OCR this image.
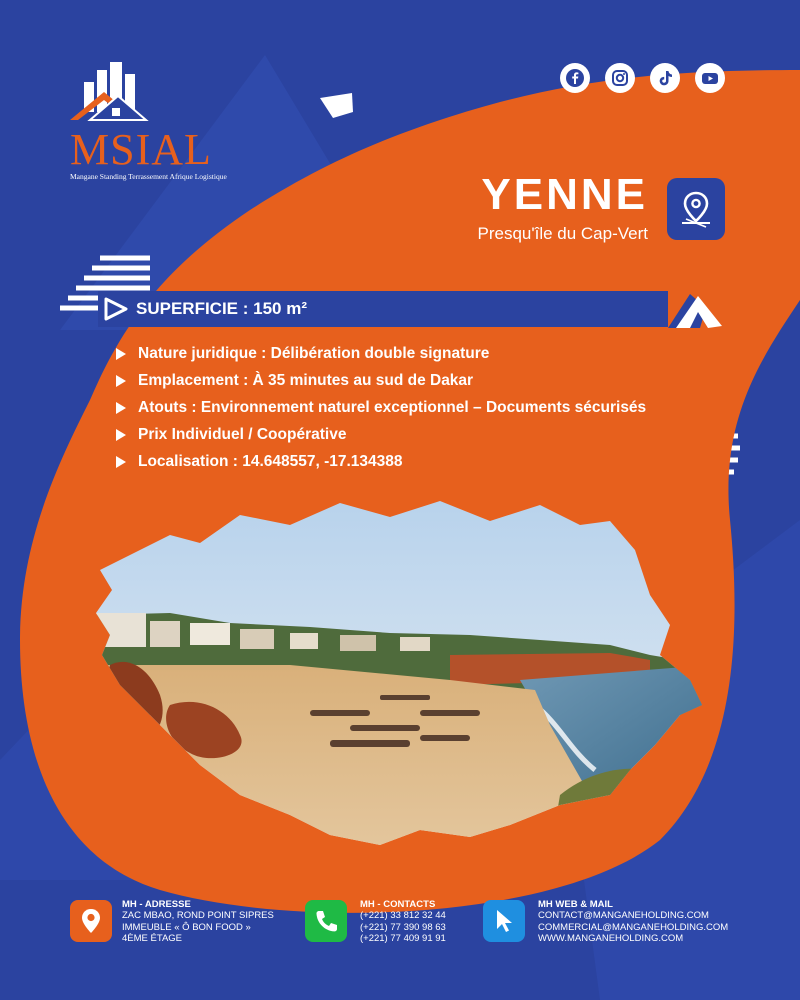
MSIAL
Mangane Standing Terrassement Afrique Logistique	YENNE
Presqu'île du Cap-Vert
SUPERFICIE : 150 m²
Nature juridique : Délibération double signature
Emplacement : À 35 minutes au sud de Dakar
Atouts : Environnement naturel exceptionnel – Documents sécurisés
Prix Individuel / Coopérative
Localisation : 14.648557, -17.134388
MH - ADRESSE
ZAC MBAO, ROND POINT SIPRES
IMMEUBLE « Ô BON FOOD »
4ÈME ÉTAGE
MH - CONTACTS
(+221) 33 812 32 44
(+221) 77 390 98 63
(+221) 77 409 91 91
MH WEB & MAIL
CONTACT@MANGANEHOLDING.COM
COMMERCIAL@MANGANEHOLDING.COM
WWW.MANGANEHOLDING.COM
